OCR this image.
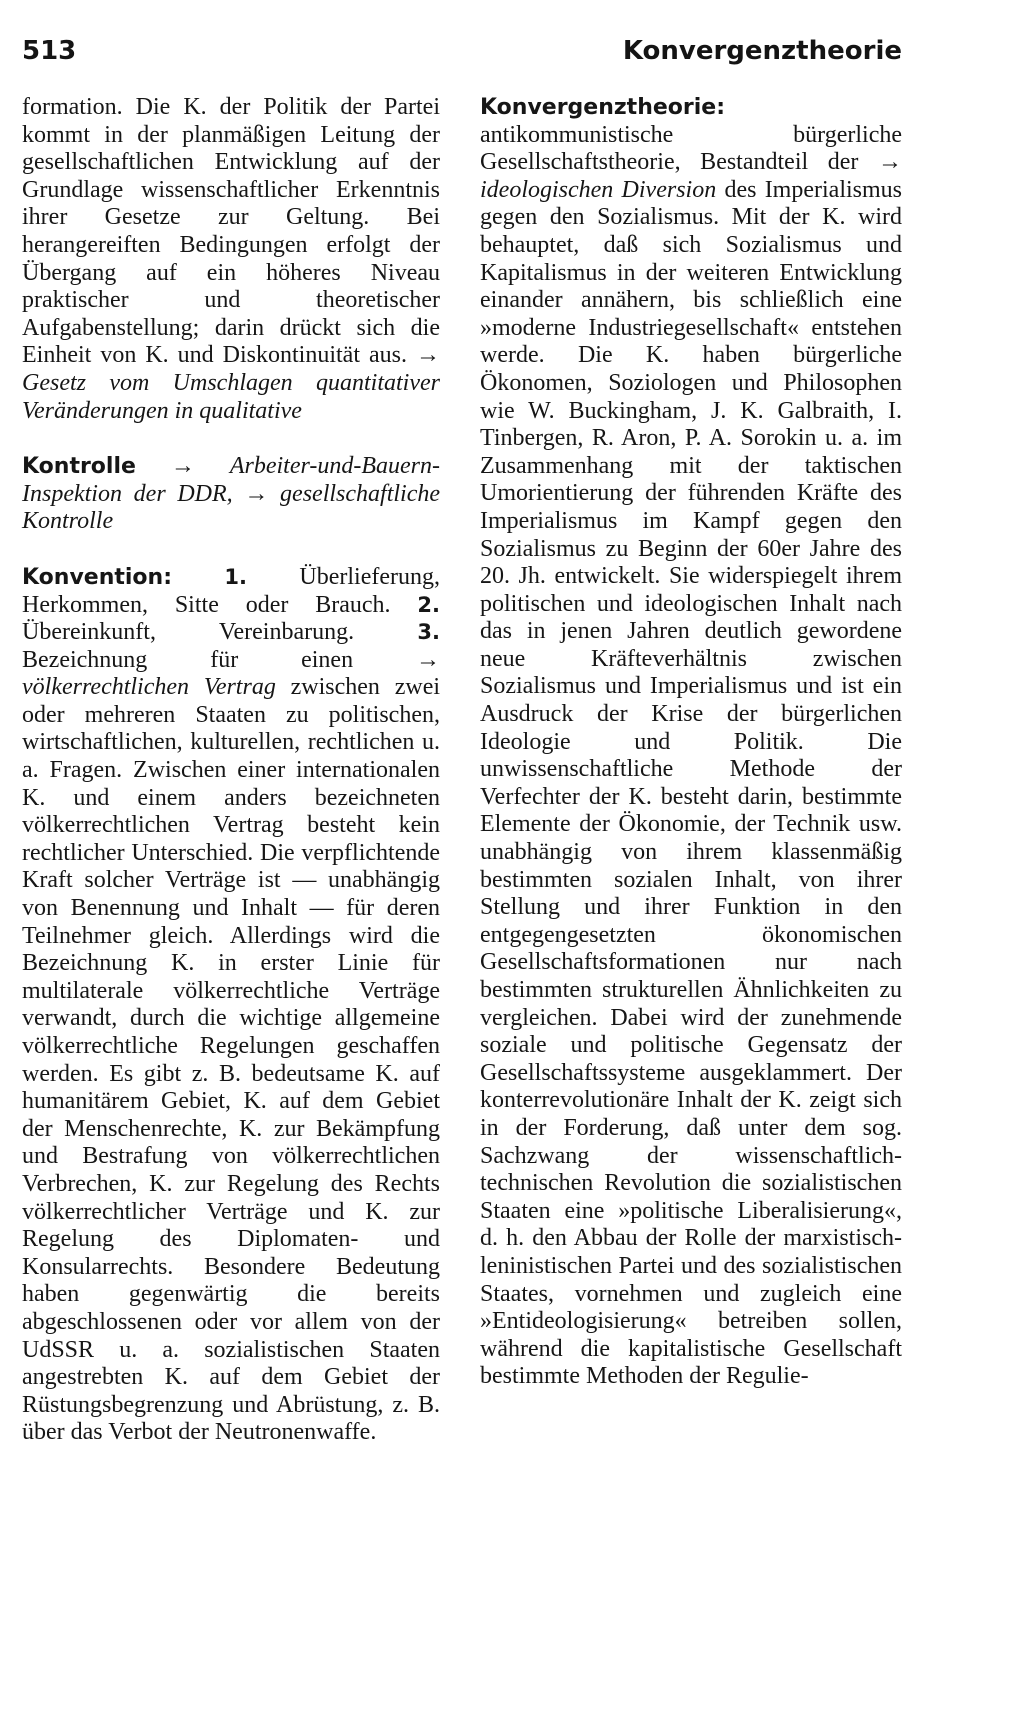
513	Konvergenztheorie

formation. Die K. der Politik der Partei kommt in der planmäßigen Leitung der gesellschaftlichen Entwicklung auf der Grundlage wissenschaftlicher Erkenntnis ihrer Gesetze zur Geltung. Bei herangereiften Bedingungen erfolgt der Übergang auf ein höheres Niveau praktischer und theoretischer Aufgabenstellung; darin drückt sich die Einheit von K. und Diskontinuität aus. → Gesetz vom Umschlagen quantitativer Veränderungen in qualitative

Kontrolle → Arbeiter-und-Bauern-Inspektion der DDR, → gesellschaftliche Kontrolle

Konvention: 1. Überlieferung, Herkommen, Sitte oder Brauch. 2. Übereinkunft, Vereinbarung.	3. Bezeichnung für einen	→ völkerrechtlichen Vertrag zwischen zwei oder mehreren Staaten zu politischen, wirtschaftlichen, kulturellen, rechtlichen u. a. Fragen. Zwischen einer internationalen K. und einem anders bezeichneten völkerrechtlichen Vertrag besteht kein rechtlicher Unterschied. Die verpflichtende Kraft solcher Verträge ist — unabhängig von Benennung und Inhalt — für deren Teilnehmer gleich. Allerdings wird die Bezeichnung K. in erster Linie für multilaterale völkerrechtliche Verträge verwandt, durch die wichtige allgemeine völkerrechtliche Regelungen geschaffen werden. Es gibt z. B. bedeutsame K. auf humanitärem Gebiet, K. auf dem Gebiet der Menschenrechte, K. zur Bekämpfung und Bestrafung von völkerrechtlichen Verbrechen, K. zur Regelung des Rechts völkerrechtlicher Verträge und K. zur Regelung des Diplomaten- und Konsularrechts. Besondere Bedeutung haben gegenwärtig die bereits abgeschlossenen oder vor allem von der UdSSR u. a. sozialistischen Staaten angestrebten K. auf dem Gebiet der Rüstungsbegrenzung und Abrüstung, z. B. über das Verbot der Neutronenwaffe.

Konvergenztheorie: antikommunistische bürgerliche Gesellschaftstheorie, Bestandteil der → ideologischen Diversion des Imperialismus gegen den Sozialismus. Mit der K. wird behauptet, daß sich Sozialismus und Kapitalismus in der weiteren Entwicklung einander annähern, bis schließlich eine »moderne Industriegesellschaft« entstehen werde. Die K. haben bürgerliche Ökonomen, Soziologen und Philosophen wie W. Buckingham, J. K. Galbraith, I. Tinbergen, R. Aron, P. A. Sorokin u. a. im Zusammenhang mit der taktischen Umorientierung der führenden Kräfte des Imperialismus im Kampf gegen den Sozialismus zu Beginn der 60er Jahre des 20. Jh. entwickelt. Sie widerspiegelt ihrem politischen und ideologischen Inhalt nach das in jenen Jahren deutlich gewordene neue Kräfteverhältnis zwischen Sozialismus und Imperialismus und ist ein Ausdruck der Krise der bürgerlichen Ideologie und Politik. Die unwissenschaftliche Methode der Verfechter der K. besteht darin, bestimmte Elemente der Ökonomie, der Technik usw. unabhängig von ihrem klassenmäßig bestimmten sozialen Inhalt, von ihrer Stellung und ihrer Funktion in den entgegengesetzten ökonomischen Gesellschaftsformationen nur nach bestimmten strukturellen Ähnlichkeiten zu vergleichen. Dabei wird der zunehmende soziale und politische Gegensatz der Gesellschaftssysteme ausgeklammert. Der konterrevolutionäre Inhalt der K. zeigt sich in der Forderung, daß unter dem sog. Sachzwang der wissenschaftlich-technischen Revolution die sozialistischen Staaten eine »politische Liberalisierung«, d. h. den Abbau der Rolle der marxistisch-leninistischen Partei und des sozialistischen Staates, vornehmen und zugleich eine »Entideologisierung« betreiben sollen, während die kapitalistische Gesellschaft bestimmte Methoden der Regulie-
